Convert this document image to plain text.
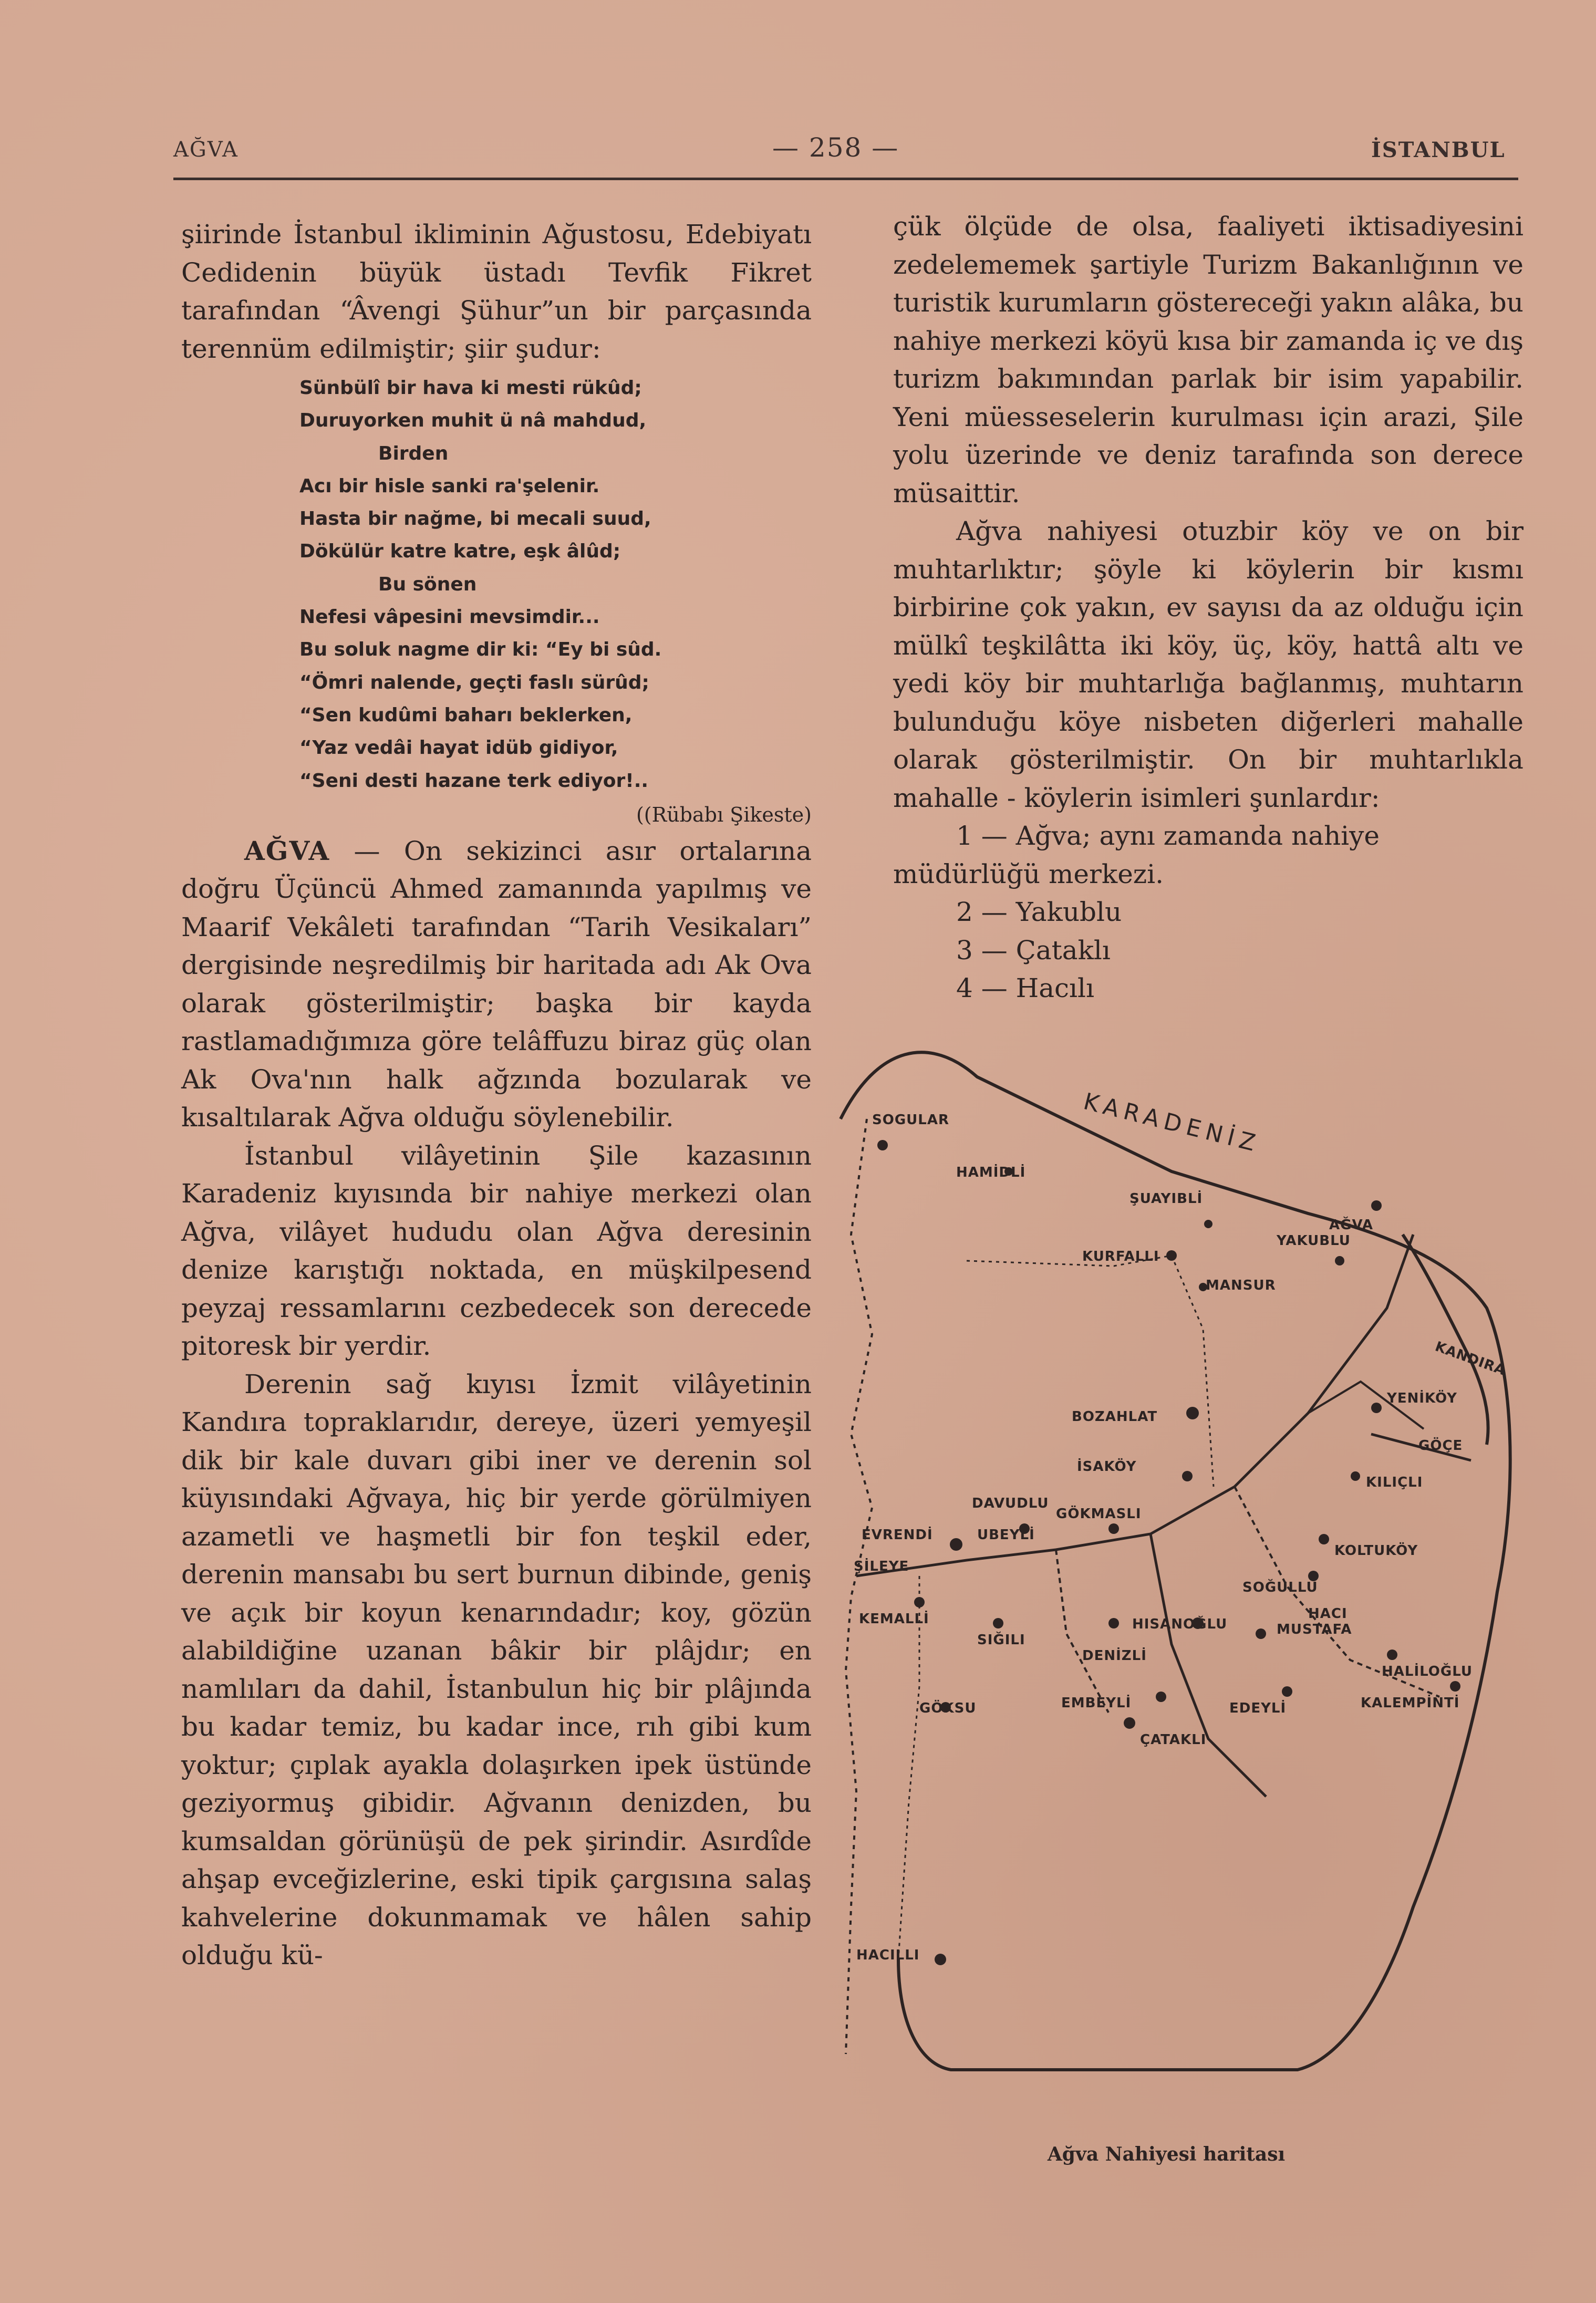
AĞVA	— 258 —	İSTANBUL

şiirinde İstanbul ikliminin Ağustosu, Edebiyatı Cedidenin büyük üstadı Tevfik Fikret tarafından “Âvengi Şühur”un bir parçasında terennüm edilmiştir; şiir şudur:

Sünbülî bir hava ki mesti rükûd;
Duruyorken muhit ü nâ mahdud,
Birden
Acı bir hisle sanki ra'şelenir.
Hasta bir nağme, bi mecali suud,
Dökülür katre katre, eşk âlûd;
Bu sönen
Nefesi vâpesini mevsimdir...
Bu soluk nagme dir ki: “Ey bi sûd.
“Ömri nalende, geçti faslı sürûd;
“Sen kudûmi baharı beklerken,
“Yaz vedâi hayat idüb gidiyor,
“Seni desti hazane terk ediyor!..

((Rübabı Şikeste)

AĞVA — On sekizinci asır ortalarına doğru Üçüncü Ahmed zamanında yapılmış ve Maarif Vekâleti tarafından “Tarih Vesikaları” dergisinde neşredilmiş bir haritada adı Ak Ova olarak gösterilmiştir; başka bir kayda rastlamadığımıza göre telâffuzu biraz güç olan Ak Ova'nın halk ağzında bozularak ve kısaltılarak Ağva olduğu söylenebilir.

İstanbul vilâyetinin Şile kazasının Karadeniz kıyısında bir nahiye merkezi olan Ağva, vilâyet hududu olan Ağva deresinin denize karıştığı noktada, en müşkilpesend peyzaj ressamlarını cezbedecek son derecede pitoresk bir yerdir.

Derenin sağ kıyısı İzmit vilâyetinin Kandıra topraklarıdır, dereye, üzeri yemyeşil dik bir kale duvarı gibi iner ve derenin sol küyısındaki Ağvaya, hiç bir yerde görülmiyen azametli ve haşmetli bir fon teşkil eder, derenin mansabı bu sert burnun dibinde, geniş ve açık bir koyun kenarındadır; koy, gözün alabildiğine uzanan bâkir bir plâjdır; en namlıları da dahil, İstanbulun hiç bir plâjında bu kadar temiz, bu kadar ince, rıh gibi kum yoktur; çıplak ayakla dolaşırken ipek üstünde geziyormuş gibidir. Ağvanın denizden, bu kumsaldan görünüşü de pek şirindir. Asırdîde ahşap evceğizlerine, eski tipik çargısına salaş kahvelerine dokunmamak ve hâlen sahip olduğu kü-

çük ölçüde de olsa, faaliyeti iktisadiyesini zedelememek şartiyle Turizm Bakanlığının ve turistik kurumların göstereceği yakın alâka, bu nahiye merkezi köyü kısa bir zamanda iç ve dış turizm bakımından parlak bir isim yapabilir. Yeni müesseselerin kurulması için arazi, Şile yolu üzerinde ve deniz tarafında son derece müsaittir.

Ağva nahiyesi otuzbir köy ve on bir muhtarlıktır; şöyle ki köylerin bir kısmı birbirine çok yakın, ev sayısı da az olduğu için mülkî teşkilâtta iki köy, üç, köy, hattâ altı ve yedi köy bir muhtarlığa bağlanmış, muhtarın bulunduğu köye nisbeten diğerleri mahalle olarak gösterilmiştir. On bir muhtarlıkla mahalle - köylerin isimleri şunlardır:

1 — Ağva; aynı zamanda nahiye müdürlüğü merkezi.

2 — Yakublu

3 — Çataklı

4 — Hacılı

KARADENİZ
SOGULAR
HAMİDLİ
ŞUAYIBLİ
AĞVA
KURFALLI
YAKUBLU
MANSUR
KANDIRA
BOZAHLAT
YENİKÖY
GÖÇE
İSAKÖY
KILIÇLI
EVRENDİ
DAVUDLU
GÖKMASLI
UBEYLİ
KOLTUKÖY
ŞİLEYE
SOĞULLU
KEMALLİ
SIĞILI
HISANOĞLU
HACI
MUSTAFA
HALİLOĞLU
DENİZLİ
GÖKSU	EMBEYLİ	EDEYLİ	KALEMPİNTİ
ÇATAKLI
HACILLI
Ağva Nahiyesi haritası
